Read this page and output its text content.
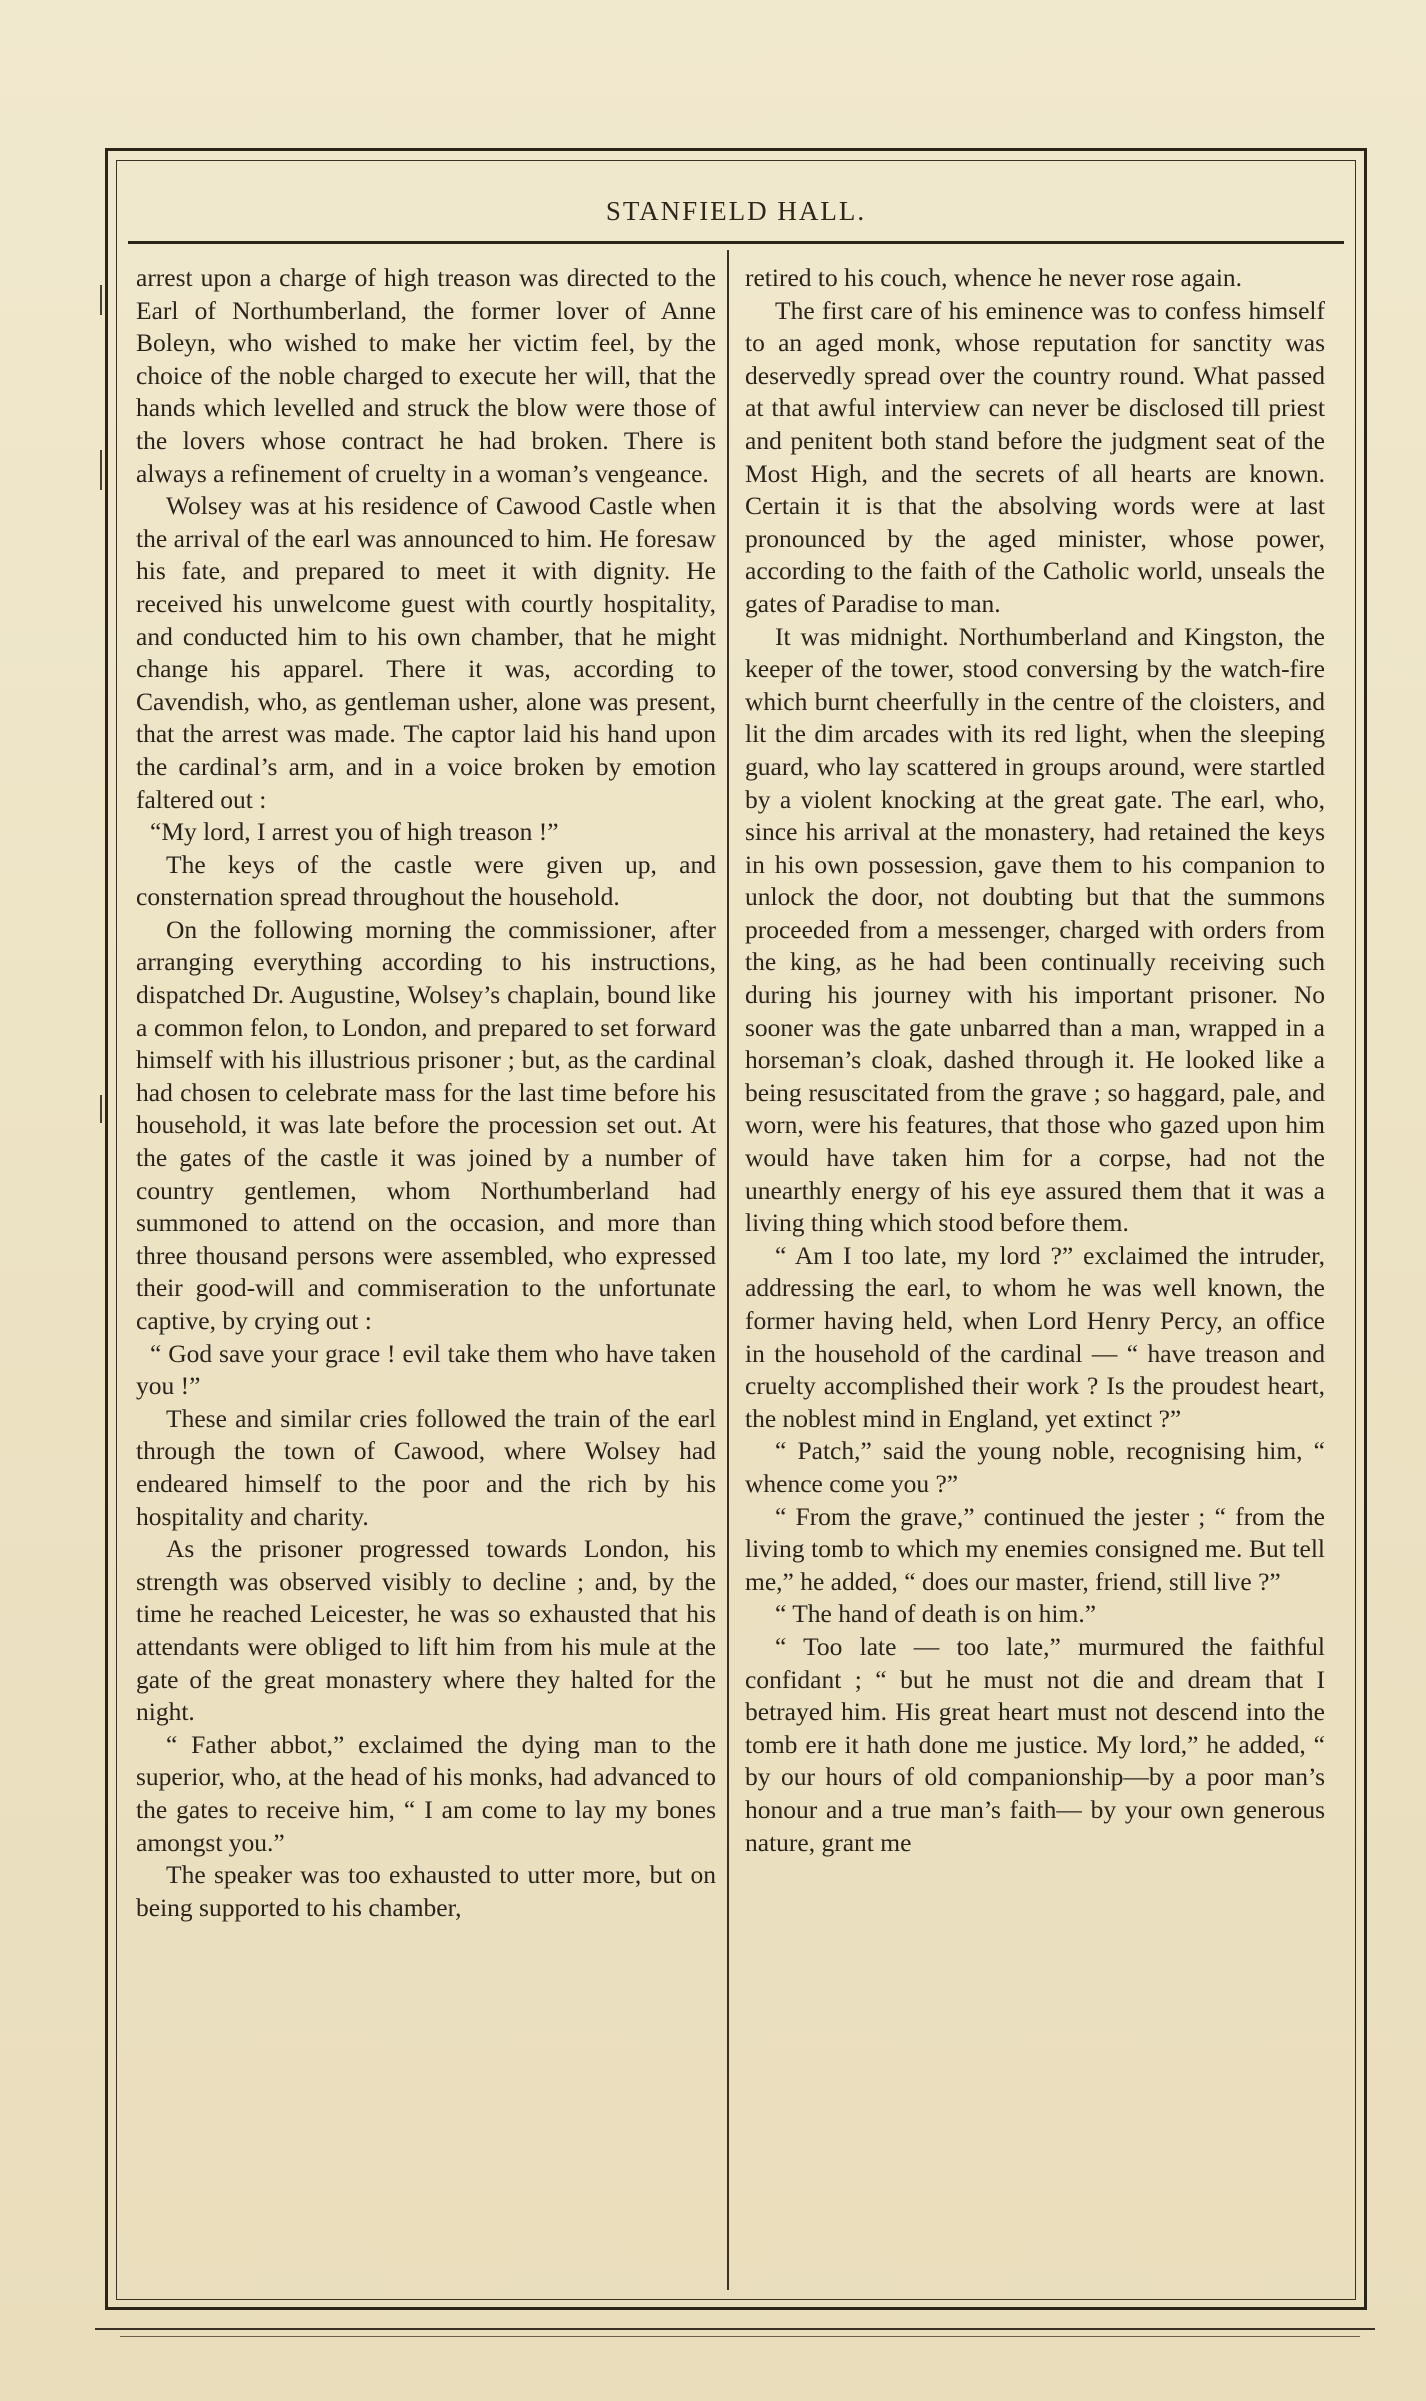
STANFIELD HALL.

arrest upon a charge of high treason was directed to the Earl of Northumberland, the former lover of Anne Boleyn, who wished to make her victim feel, by the choice of the noble charged to execute her will, that the hands which levelled and struck the blow were those of the lovers whose contract he had broken. There is always a refinement of cruelty in a woman’s vengeance.

Wolsey was at his residence of Cawood Castle when the arrival of the earl was announced to him. He foresaw his fate, and prepared to meet it with dignity. He received his unwelcome guest with courtly hospitality, and conducted him to his own chamber, that he might change his apparel. There it was, according to Cavendish, who, as gentleman usher, alone was present, that the arrest was made. The captor laid his hand upon the cardinal’s arm, and in a voice broken by emotion faltered out :

“My lord, I arrest you of high treason !”

The keys of the castle were given up, and consternation spread throughout the household.

On the following morning the commissioner, after arranging everything according to his instructions, dispatched Dr. Augustine, Wolsey’s chaplain, bound like a common felon, to London, and prepared to set forward himself with his illustrious prisoner ; but, as the cardinal had chosen to celebrate mass for the last time before his household, it was late before the procession set out. At the gates of the castle it was joined by a number of country gentlemen, whom Northumberland had summoned to attend on the occasion, and more than three thousand persons were assembled, who expressed their good-will and commiseration to the unfortunate captive, by crying out :

“ God save your grace ! evil take them who have taken you !”

These and similar cries followed the train of the earl through the town of Cawood, where Wolsey had endeared himself to the poor and the rich by his hospitality and charity.

As the prisoner progressed towards London, his strength was observed visibly to decline ; and, by the time he reached Leicester, he was so exhausted that his attendants were obliged to lift him from his mule at the gate of the great monastery where they halted for the night.

“ Father abbot,” exclaimed the dying man to the superior, who, at the head of his monks, had advanced to the gates to receive him, “ I am come to lay my bones amongst you.”

The speaker was too exhausted to utter more, but on being supported to his chamber,

retired to his couch, whence he never rose again.

The first care of his eminence was to confess himself to an aged monk, whose reputation for sanctity was deservedly spread over the country round. What passed at that awful interview can never be disclosed till priest and penitent both stand before the judgment seat of the Most High, and the secrets of all hearts are known. Certain it is that the absolving words were at last pronounced by the aged minister, whose power, according to the faith of the Catholic world, unseals the gates of Paradise to man.

It was midnight. Northumberland and Kingston, the keeper of the tower, stood conversing by the watch-fire which burnt cheerfully in the centre of the cloisters, and lit the dim arcades with its red light, when the sleeping guard, who lay scattered in groups around, were startled by a violent knocking at the great gate. The earl, who, since his arrival at the monastery, had retained the keys in his own possession, gave them to his companion to unlock the door, not doubting but that the summons proceeded from a messenger, charged with orders from the king, as he had been continually receiving such during his journey with his important prisoner. No sooner was the gate unbarred than a man, wrapped in a horseman’s cloak, dashed through it. He looked like a being resuscitated from the grave ; so haggard, pale, and worn, were his features, that those who gazed upon him would have taken him for a corpse, had not the unearthly energy of his eye assured them that it was a living thing which stood before them.

“ Am I too late, my lord ?” exclaimed the intruder, addressing the earl, to whom he was well known, the former having held, when Lord Henry Percy, an office in the household of the cardinal — “ have treason and cruelty accomplished their work ? Is the proudest heart, the noblest mind in England, yet extinct ?”

“ Patch,” said the young noble, recognising him, “ whence come you ?”

“ From the grave,” continued the jester ; “ from the living tomb to which my enemies consigned me. But tell me,” he added, “ does our master, friend, still live ?”

“ The hand of death is on him.”

“ Too late — too late,” murmured the faithful confidant ; “ but he must not die and dream that I betrayed him. His great heart must not descend into the tomb ere it hath done me justice. My lord,” he added, “ by our hours of old companionship—by a poor man’s honour and a true man’s faith— by your own generous nature, grant me
